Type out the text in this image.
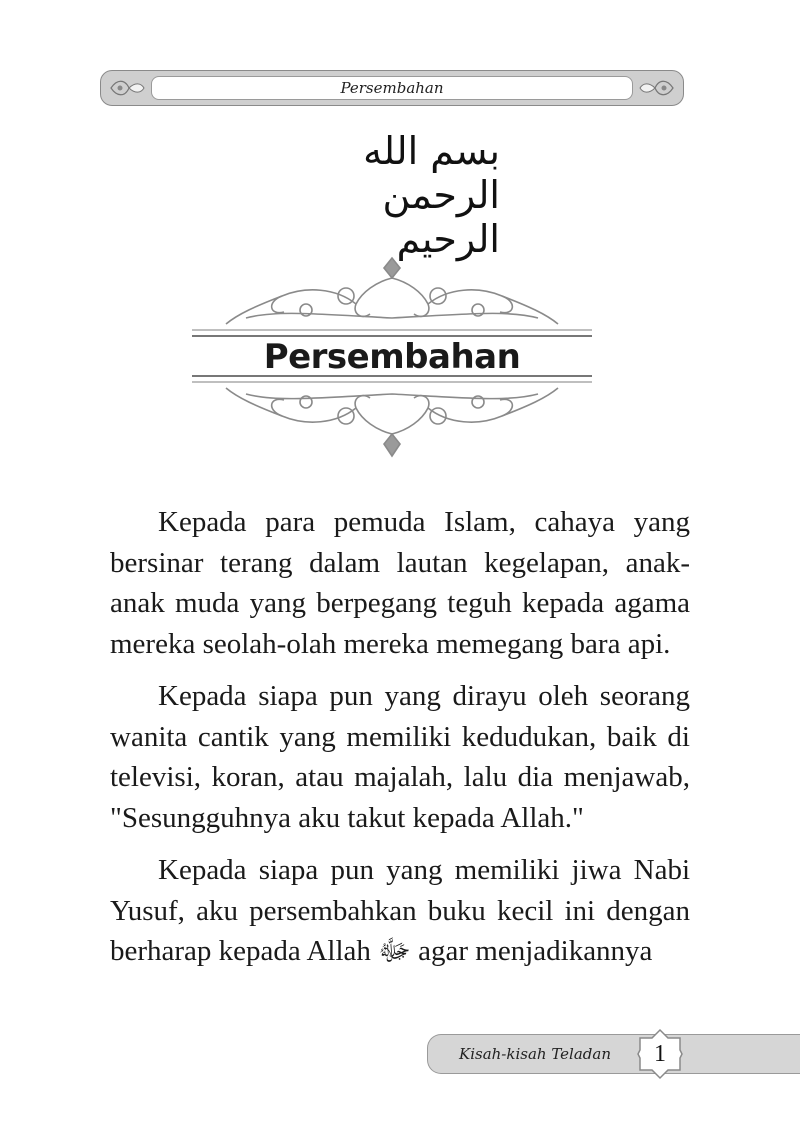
Persembahan
بسم الله الرحمن الرحيم
Persembahan

Kepada para pemuda Islam, cahaya yang bersinar terang dalam lautan kegelapan, anak-anak muda yang berpegang teguh kepada agama mereka seolah-olah mereka memegang bara api.

Kepada siapa pun yang dirayu oleh seorang wanita cantik yang memiliki kedudukan, baik di televisi, koran, atau majalah, lalu dia menjawab, "Sesungguhnya aku takut kepada Allah."

Kepada siapa pun yang memiliki jiwa Nabi Yusuf, aku persembahkan buku kecil ini dengan berharap kepada Allah ﷻ agar menjadikannya

Kisah-kisah Teladan	1
